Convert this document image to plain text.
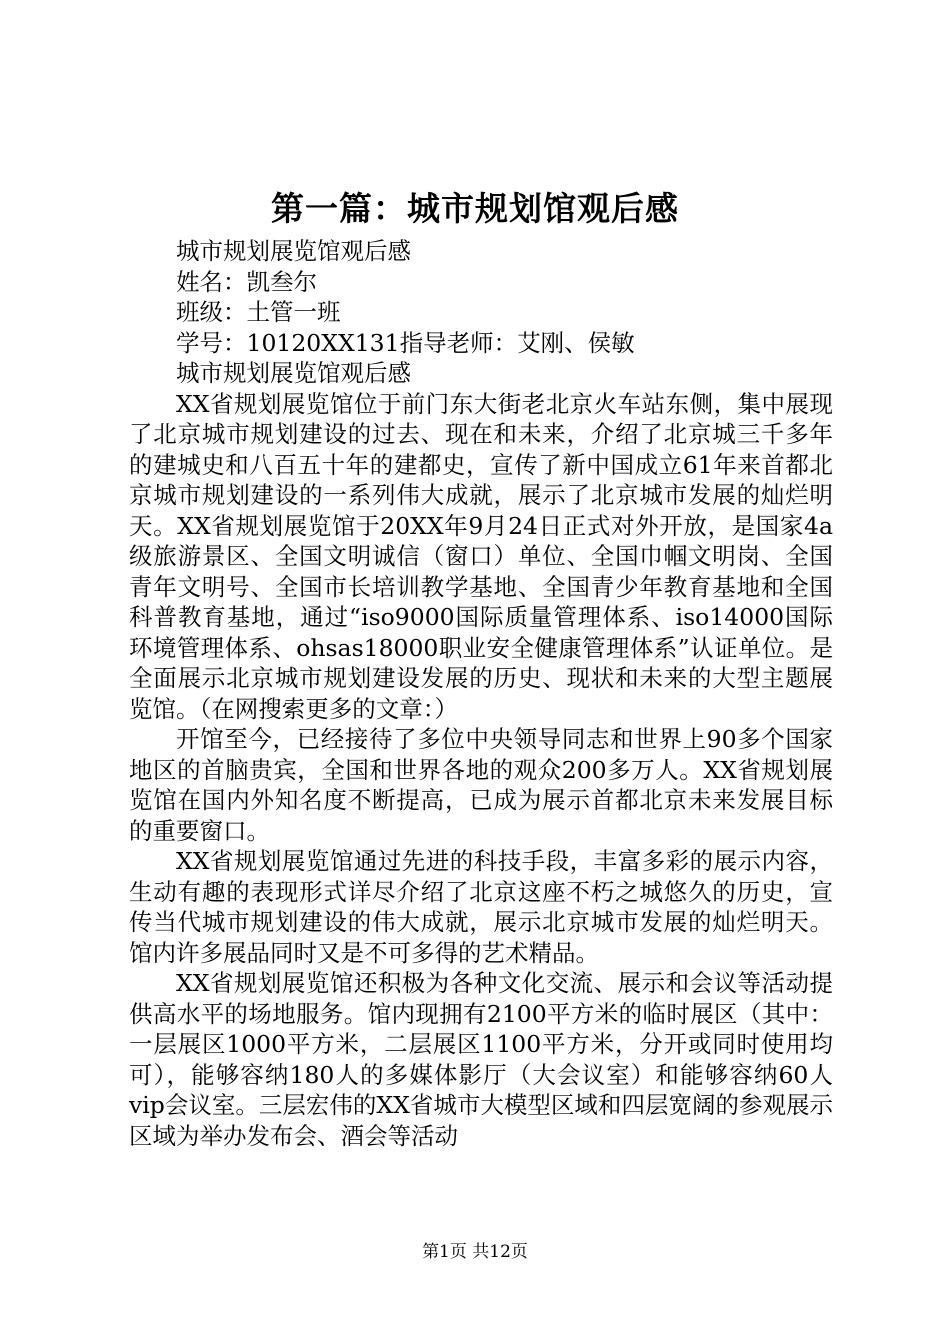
第一篇：城市规划馆观后感

城市规划展览馆观后感

姓名：凯叁尔

班级：土管一班

学号：10120XX131指导老师：艾刚、侯敏

城市规划展览馆观后感

XX省规划展览馆位于前门东大街老北京火车站东侧，集中展现了北京城市规划建设的过去、现在和未来，介绍了北京城三千多年的建城史和八百五十年的建都史，宣传了新中国成立61年来首都北京城市规划建设的一系列伟大成就，展示了北京城市发展的灿烂明天。XX省规划展览馆于20XX年9月24日正式对外开放，是国家4a级旅游景区、全国文明诚信（窗口）单位、全国巾帼文明岗、全国青年文明号、全国市长培训教学基地、全国青少年教育基地和全国科普教育基地，通过“iso9000国际质量管理体系、iso14000国际环境管理体系、ohsas18000职业安全健康管理体系”认证单位。是全面展示北京城市规划建设发展的历史、现状和未来的大型主题展览馆。（在网搜索更多的文章：）

开馆至今，已经接待了多位中央领导同志和世界上90多个国家地区的首脑贵宾，全国和世界各地的观众200多万人。XX省规划展览馆在国内外知名度不断提高，已成为展示首都北京未来发展目标的重要窗口。

XX省规划展览馆通过先进的科技手段，丰富多彩的展示内容，生动有趣的表现形式详尽介绍了北京这座不朽之城悠久的历史，宣传当代城市规划建设的伟大成就，展示北京城市发展的灿烂明天。馆内许多展品同时又是不可多得的艺术精品。

XX省规划展览馆还积极为各种文化交流、展示和会议等活动提供高水平的场地服务。馆内现拥有2100平方米的临时展区（其中：一层展区1000平方米，二层展区1100平方米，分开或同时使用均可），能够容纳180人的多媒体影厅（大会议室）和能够容纳60人vip会议室。三层宏伟的XX省城市大模型区域和四层宽阔的参观展示区域为举办发布会、酒会等活动

第1页 共12页
